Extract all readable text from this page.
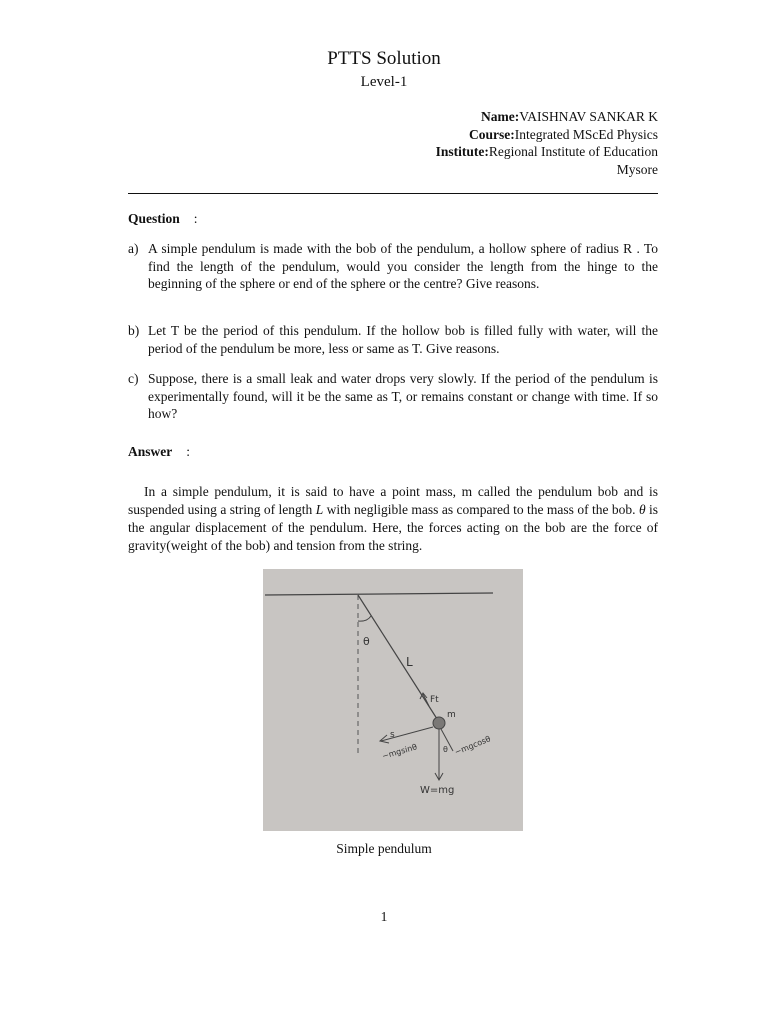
PTTS Solution
Level-1
Name:VAISHNAV SANKAR K
Course:Integrated MScEd Physics
Institute:Regional Institute of Education
Mysore
Question :
a) A simple pendulum is made with the bob of the pendulum, a hollow sphere of radius R . To find the length of the pendulum, would you consider the length from the hinge to the beginning of the sphere or end of the sphere or the centre? Give reasons.
b) Let T be the period of this pendulum. If the hollow bob is filled fully with water, will the period of the pendulum be more, less or same as T. Give reasons.
c) Suppose, there is a small leak and water drops very slowly. If the period of the pendulum is experimentally found, will it be the same as T, or remains constant or change with time. If so how?
Answer :
In a simple pendulum, it is said to have a point mass, m called the pendulum bob and is suspended using a string of length L with negligible mass as compared to the mass of the bob. θ is the angular displacement of the pendulum. Here, the forces acting on the bob are the force of gravity(weight of the bob) and tension from the string.
θ
L
Ft
m
s
−mgsinθ	θ −mgcosθ
W=mg
Simple pendulum
1
